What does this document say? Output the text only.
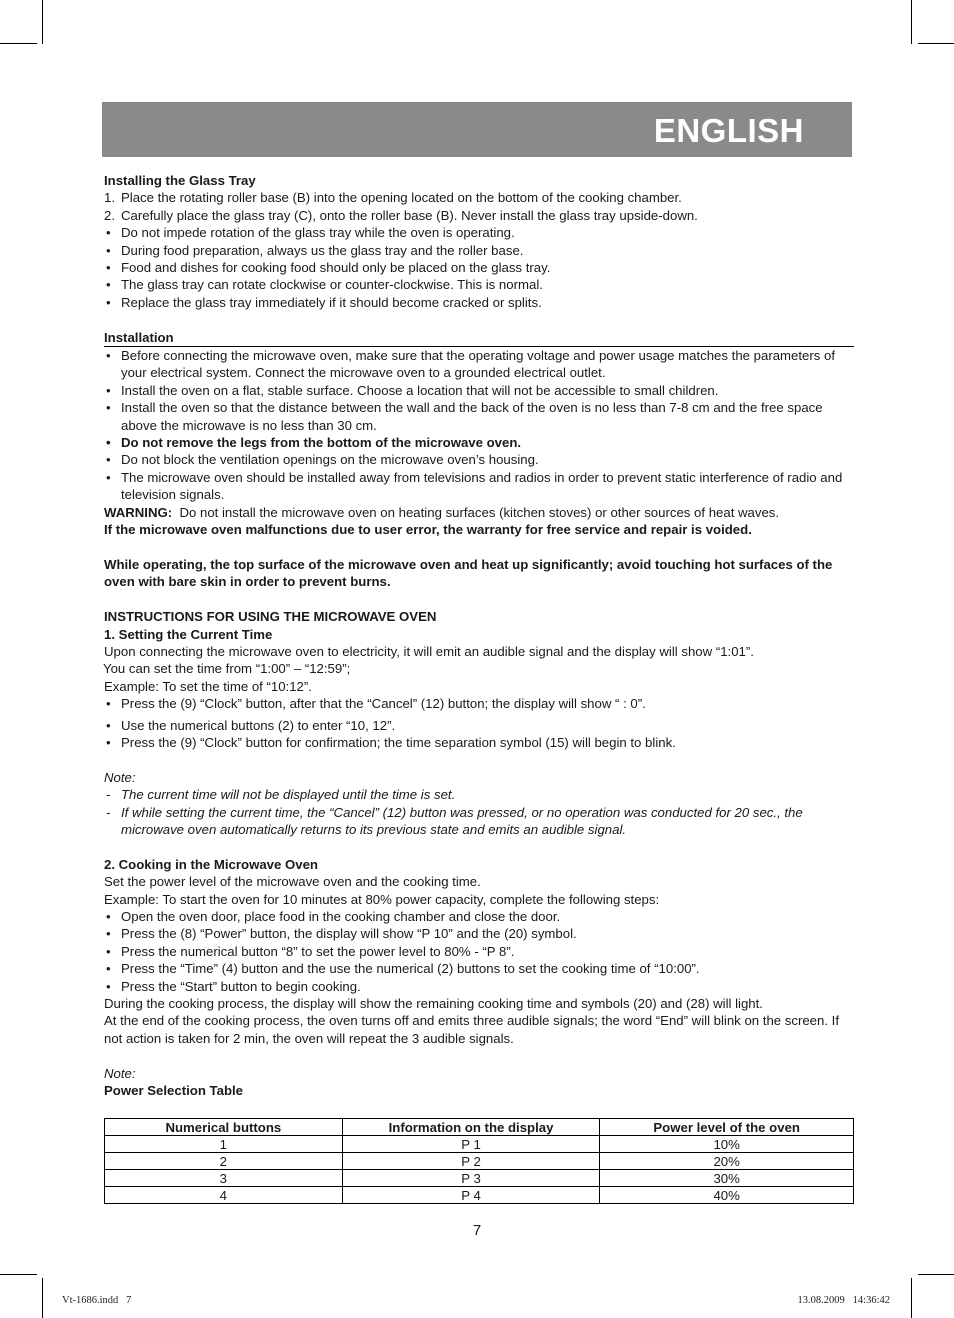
ENGLISH
Installing the Glass Tray
1. Place the rotating roller base (B) into the opening located on the bottom of the cooking chamber.
2. Carefully place the glass tray (C), onto the roller base (B). Never install the glass tray upside-down.
• Do not impede rotation of the glass tray while the oven is operating.
• During food preparation, always us the glass tray and the roller base.
• Food and dishes for cooking food should only be placed on the glass tray.
• The glass tray can rotate clockwise or counter-clockwise. This is normal.
• Replace the glass tray immediately if it should become cracked or splits.
Installation
• Before connecting the microwave oven, make sure that the operating voltage and power usage matches the parameters of your electrical system. Connect the microwave oven to a grounded electrical outlet.
• Install the oven on a flat, stable surface. Choose a location that will not be accessible to small children.
• Install the oven so that the distance between the wall and the back of the oven is no less than 7-8 cm and the free space above the microwave is no less than 30 cm.
• Do not remove the legs from the bottom of the microwave oven.
• Do not block the ventilation openings on the microwave oven’s housing.
• The microwave oven should be installed away from televisions and radios in order to prevent static interference of radio and television signals.
WARNING: Do not install the microwave oven on heating surfaces (kitchen stoves) or other sources of heat waves.
If the microwave oven malfunctions due to user error, the warranty for free service and repair is voided.
While operating, the top surface of the microwave oven and heat up significantly; avoid touching hot surfaces of the oven with bare skin in order to prevent burns.
INSTRUCTIONS FOR USING THE MICROWAVE OVEN
1. Setting the Current Time
Upon connecting the microwave oven to electricity, it will emit an audible signal and the display will show “1:01”.
You can set the time from “1:00” – “12:59”;
Example: To set the time of “10:12”.
• Press the (9) “Clock” button, after that the “Cancel” (12) button; the display will show “ : 0”.
• Use the numerical buttons (2) to enter “10, 12”.
• Press the (9) “Clock” button for confirmation; the time separation symbol (15) will begin to blink.
Note:
- The current time will not be displayed until the time is set.
- If while setting the current time, the “Cancel” (12) button was pressed, or no operation was conducted for 20 sec., the microwave oven automatically returns to its previous state and emits an audible signal.
2. Cooking in the Microwave Oven
Set the power level of the microwave oven and the cooking time.
Example: To start the oven for 10 minutes at 80% power capacity, complete the following steps:
• Open the oven door, place food in the cooking chamber and close the door.
• Press the (8) “Power” button, the display will show “P 10” and the (20) symbol.
• Press the numerical button “8” to set the power level to 80% - “P 8”.
• Press the “Time” (4) button and the use the numerical (2) buttons to set the cooking time of “10:00”.
• Press the “Start” button to begin cooking.
During the cooking process, the display will show the remaining cooking time and symbols (20) and (28) will light.
At the end of the cooking process, the oven turns off and emits three audible signals; the word “End” will blink on the screen. If not action is taken for 2 min, the oven will repeat the 3 audible signals.
Note:
Power Selection Table
Numerical buttons	Information on the display	Power level of the oven
1	P 1	10%
2	P 2	20%
3	P 3	30%
4	P 4	40%
7
Vt-1686.indd   7	13.08.2009   14:36:42
